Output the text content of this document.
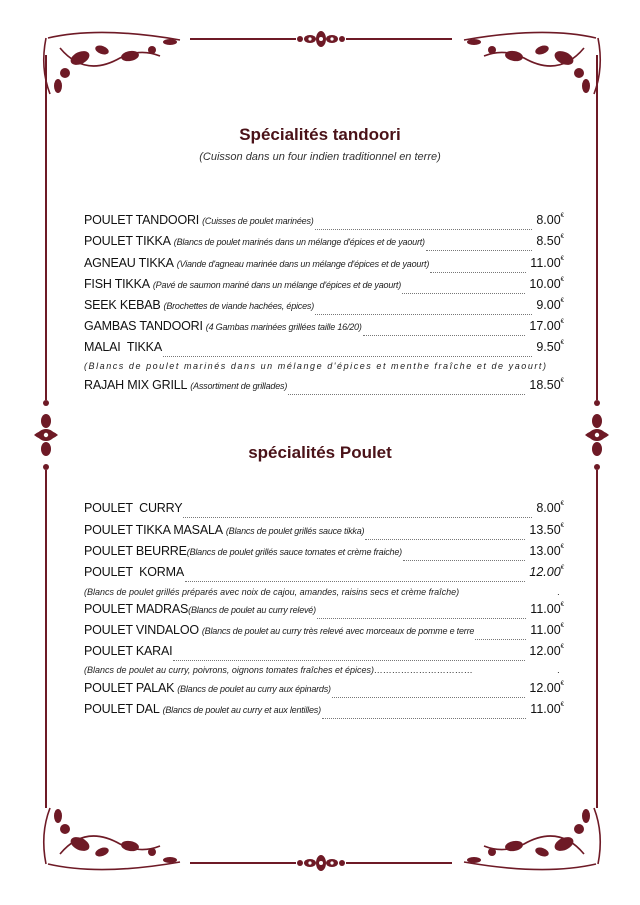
Spécialités tandoori
(Cuisson dans un four indien traditionnel en terre)
POULET TANDOORI (Cuisses de poulet marinées)	8.00€
POULET TIKKA (Blancs de poulet marinés dans un mélange d'épices et de yaourt)	8.50€
AGNEAU TIKKA (Viande d'agneau marinée dans un mélange d'épices et de yaourt)	11.00€
FISH TIKKA (Pavé de saumon mariné dans un mélange d'épices et de yaourt)	10.00€
SEEK KEBAB (Brochettes de viande hachées, épices)	9.00€
GAMBAS TANDOORI (4 Gambas marinées grillées taille 16/20)	17.00€
MALAI  TIKKA	9.50€
(Blancs de poulet marinés dans un mélange d'épices et menthe fraîche et de yaourt)
RAJAH MIX GRILL (Assortiment de grillades)	18.50€
spécialités Poulet
POULET  CURRY	8.00€
POULET TIKKA MASALA (Blancs de poulet grillés sauce tikka)	13.50€
POULET BEURRE (Blancs de poulet grillés sauce tomates et crème fraiche)	13.00€
POULET  KORMA	12.00€
(Blancs de poulet grillés préparés avec noix de cajou, amandes, raisins secs et crème fraîche)	.
POULET MADRAS (Blancs de poulet au curry relevé)	11.00€
POULET VINDALOO (Blancs de poulet au curry très relevé avec morceaux de pomme e terre	11.00€
POULET KARAI	12.00€
(Blancs de poulet au curry, poivrons, oignons tomates fraîches et épices)……………………………	.
POULET PALAK (Blancs de poulet au curry aux épinards)	12.00€
POULET DAL (Blancs de poulet au curry et aux lentilles)	11.00€
